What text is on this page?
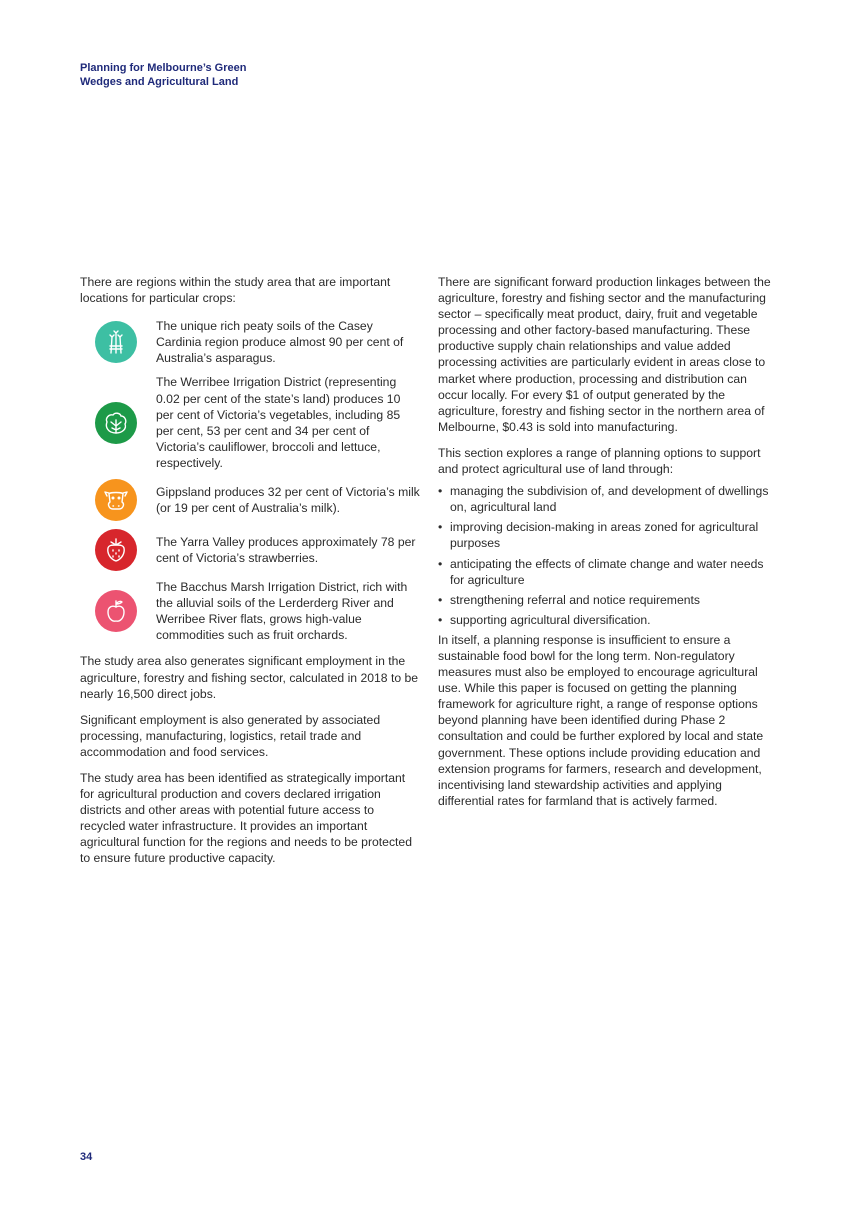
Planning for Melbourne’s Green
Wedges and Agricultural Land

There are regions within the study area that are important locations for particular crops:

The unique rich peaty soils of the Casey Cardinia region produce almost 90 per cent of Australia’s asparagus.
The Werribee Irrigation District (representing 0.02 per cent of the state’s land) produces 10 per cent of Victoria’s vegetables, including 85 per cent, 53 per cent and 34 per cent of Victoria’s cauliflower, broccoli and lettuce, respectively.
Gippsland produces 32 per cent of Victoria’s milk (or 19 per cent of Australia’s milk).
The Yarra Valley produces approximately 78 per cent of Victoria’s strawberries.
The Bacchus Marsh Irrigation District, rich with the alluvial soils of the Lerderderg River and Werribee River flats, grows high-value commodities such as fruit orchards.

The study area also generates significant employment in the agriculture, forestry and fishing sector, calculated in 2018 to be nearly 16,500 direct jobs.

Significant employment is also generated by associated processing, manufacturing, logistics, retail trade and accommodation and food services.

The study area has been identified as strategically important for agricultural production and covers declared irrigation districts and other areas with potential future access to recycled water infrastructure. It provides an important agricultural function for the regions and needs to be protected to ensure future productive capacity.

There are significant forward production linkages between the agriculture, forestry and fishing sector and the manufacturing sector – specifically meat product, dairy, fruit and vegetable processing and other factory-based manufacturing. These productive supply chain relationships and value added processing activities are particularly evident in areas close to market where production, processing and distribution can occur locally. For every $1 of output generated by the agriculture, forestry and fishing sector in the northern area of Melbourne, $0.43 is sold into manufacturing.

This section explores a range of planning options to support and protect agricultural use of land through:

• managing the subdivision of, and development of dwellings on, agricultural land
• improving decision-making in areas zoned for agricultural purposes
• anticipating the effects of climate change and water needs for agriculture
• strengthening referral and notice requirements
• supporting agricultural diversification.

In itself, a planning response is insufficient to ensure a sustainable food bowl for the long term. Non-regulatory measures must also be employed to encourage agricultural use. While this paper is focused on getting the planning framework for agriculture right, a range of response options beyond planning have been identified during Phase 2 consultation and could be further explored by local and state government. These options include providing education and extension programs for farmers, research and development, incentivising land stewardship activities and applying differential rates for farmland that is actively farmed.

34
